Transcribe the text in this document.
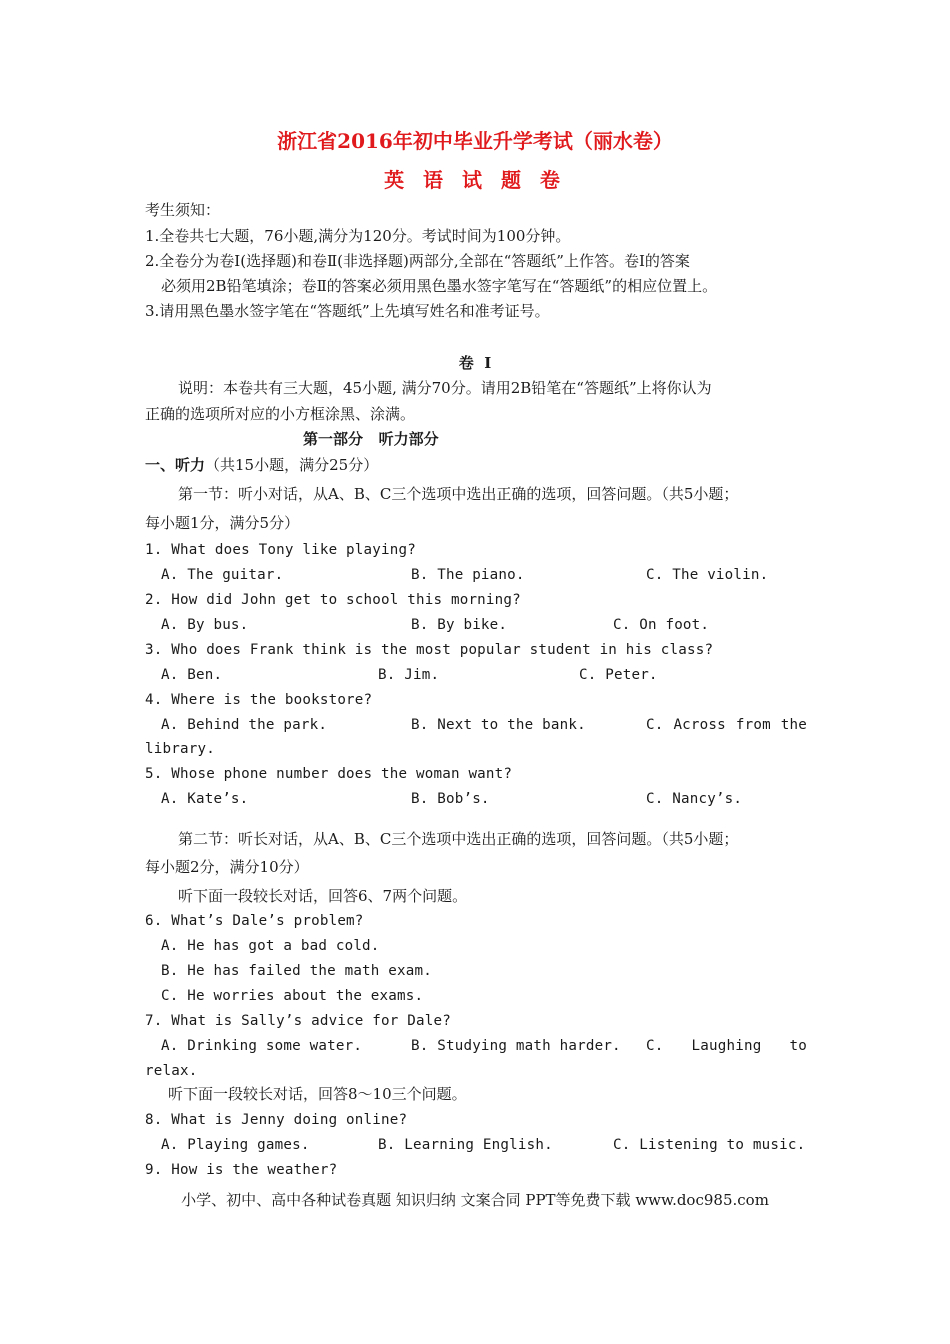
浙江省2016年初中毕业升学考试（丽水卷）
英 语 试 题 卷
考生须知：
1.全卷共七大题，76小题,满分为120分。考试时间为100分钟。
2.全卷分为卷Ⅰ(选择题)和卷Ⅱ(非选择题)两部分,全部在“答题纸”上作答。卷Ⅰ的答案
必须用2B铅笔填涂；卷Ⅱ的答案必须用黑色墨水签字笔写在“答题纸”的相应位置上。
3.请用黑色墨水签字笔在“答题纸”上先填写姓名和准考证号。
卷  Ⅰ
说明：本卷共有三大题，45小题, 满分70分。请用2B铅笔在“答题纸”上将你认为
正确的选项所对应的小方框涂黑、涂满。
第一部分   听力部分
一、听力（共15小题，满分25分）
第一节：听小对话，从A、B、C三个选项中选出正确的选项，回答问题。（共5小题；
每小题1分，满分5分）
1. What does Tony like playing?
A. The guitar.	B. The piano.	C. The violin.
2. How did John get to school this morning?
A. By bus.	B. By bike.	C. On foot.
3. Who does Frank think is the most popular student in his class?
A. Ben.	B. Jim.	C. Peter.
4. Where is the bookstore?
A. Behind the park.	B. Next to the bank.	C. Across from the
library.
5. Whose phone number does the woman want?
A. Kate’s.	B. Bob’s.	C. Nancy’s.
第二节：听长对话，从A、B、C三个选项中选出正确的选项，回答问题。（共5小题；
每小题2分，满分10分）
听下面一段较长对话，回答6、7两个问题。
6. What’s Dale’s problem?
A. He has got a bad cold.
B. He has failed the math exam.
C. He worries about the exams.
7. What is Sally’s advice for Dale?
A. Drinking some water.	B. Studying math harder. C. Laughing to
relax.
听下面一段较长对话，回答8～10三个问题。
8. What is Jenny doing online?
A. Playing games.	B. Learning English.	C. Listening to music.
9. How is the weather?
小学、初中、高中各种试卷真题 知识归纳 文案合同 PPT等免费下载 www.doc985.com
